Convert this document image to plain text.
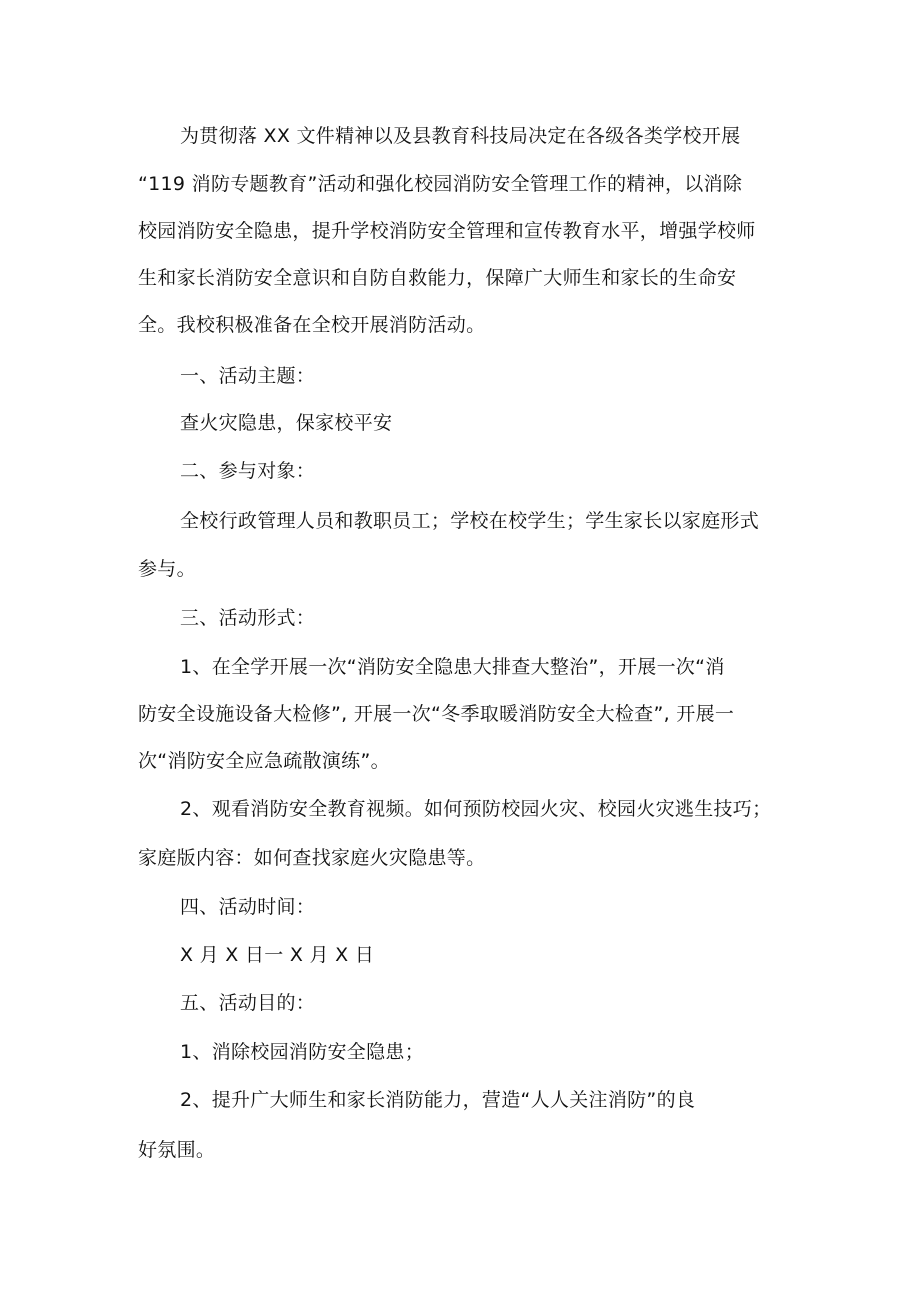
为贯彻落 XX 文件精神以及县教育科技局决定在各级各类学校开展
“119 消防专题教育”活动和强化校园消防安全管理工作的精神，以消除
校园消防安全隐患，提升学校消防安全管理和宣传教育水平，增强学校师
生和家长消防安全意识和自防自救能力，保障广大师生和家长的生命安
全。我校积极准备在全校开展消防活动。
一、活动主题：
查火灾隐患，保家校平安
二、参与对象：
全校行政管理人员和教职员工；学校在校学生；学生家长以家庭形式
参与。
三、活动形式：
1、在全学开展一次“消防安全隐患大排查大整治”，开展一次“消
防安全设施设备大检修”, 开展一次“冬季取暖消防安全大检查”, 开展一
次“消防安全应急疏散演练”。
2、观看消防安全教育视频。如何预防校园火灾、校园火灾逃生技巧；
家庭版内容：如何查找家庭火灾隐患等。
四、活动时间：
X 月 X 日一 X 月 X 日
五、活动目的：
1、消除校园消防安全隐患；
2、提升广大师生和家长消防能力，营造“人人关注消防”的良
好氛围。
